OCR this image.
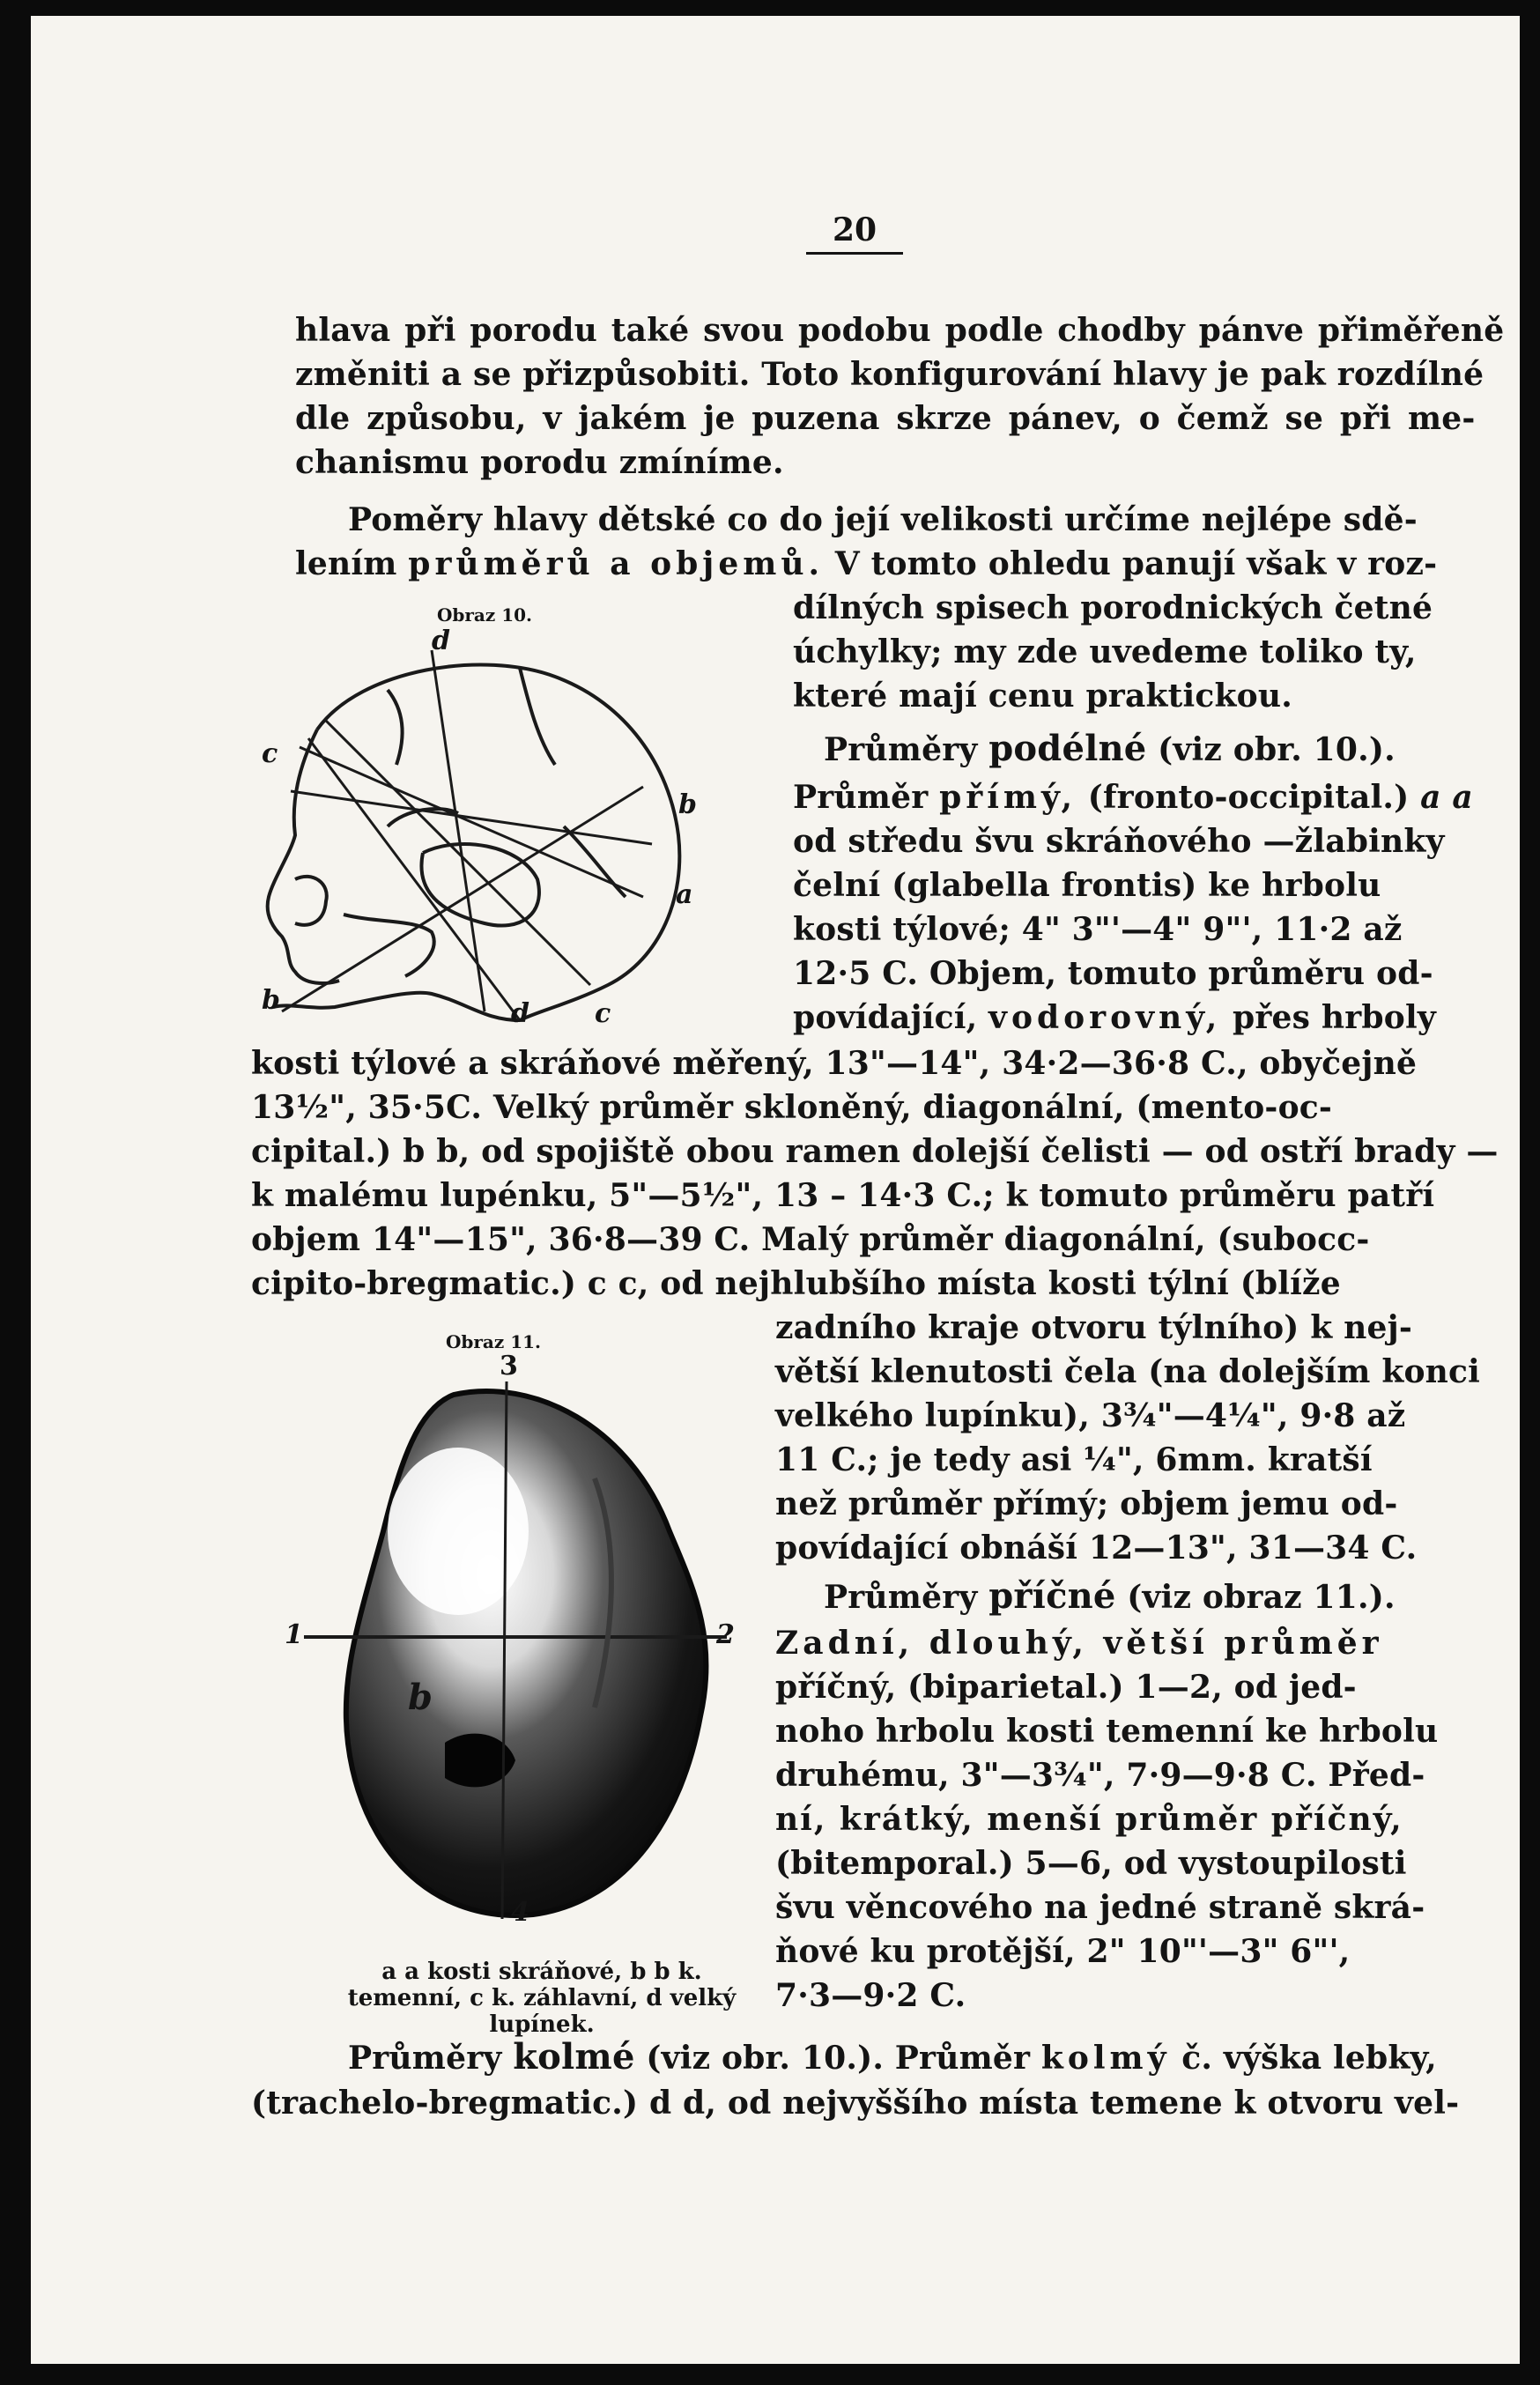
20
hlava při porodu také svou podobu podle chodby pánve přiměřeně
změniti a se přizpůsobiti. Toto konfigurování hlavy je pak rozdílné
dle způsobu, v jakém je puzena skrze pánev, o čemž se při me-
chanismu porodu zmíníme.
Poměry hlavy dětské co do její velikosti určíme nejlépe sdě-
lením průměrů a objemů. V tomto ohledu panují však v roz-
dílných spisech porodnických četné
úchylky; my zde uvedeme toliko ty,
které mají cenu praktickou.
Průměry podélné (viz obr. 10.).
Průměr přímý, (fronto-occipital.) a a
od středu švu skráňového —žlabinky
čelní (glabella frontis) ke hrbolu
kosti týlové; 4" 3"'—4" 9"', 11·2 až
12·5 C. Objem, tomuto průměru od-
povídající, vodorovný, přes hrboly
kosti týlové a skráňové měřený, 13"—14", 34·2—36·8 C., obyčejně
13½", 35·5C. Velký průměr skloněný, diagonální, (mento-oc-
cipital.) b b, od spojiště obou ramen dolejší čelisti — od ostří brady —
k malému lupénku, 5"—5½", 13 – 14·3 C.; k tomuto průměru patří
objem 14"—15", 36·8—39 C. Malý průměr diagonální, (subocc-
cipito-bregmatic.) c c, od nejhlubšího místa kosti týlní (blíže
zadního kraje otvoru týlního) k nej-
větší klenutosti čela (na dolejším konci
velkého lupínku), 3¾"—4¼", 9·8 až
11 C.; je tedy asi ¼", 6mm. kratší
než průměr přímý; objem jemu od-
povídající obnáší 12—13", 31—34 C.
Průměry příčné (viz obraz 11.).
Zadní, dlouhý, větší průměr
příčný, (biparietal.) 1—2, od jed-
noho hrbolu kosti temenní ke hrbolu
druhému, 3"—3¾", 7·9—9·8 C. Před-
ní, krátký, menší průměr příčný,
(bitemporal.) 5—6, od vystoupilosti
švu věncového na jedné straně skrá-
ňové ku protější, 2" 10"'—3" 6"',
7·3—9·2 C.
Průměry kolmé (viz obr. 10.). Průměr kolmý č. výška lebky,
(trachelo-bregmatic.) d d, od nejvyššího místa temene k otvoru vel-
Obraz 10.
d
c
b
a
b	d c
Obraz 11.
3
1	2
b
4
a a kosti skráňové, b b k. temenní, c k. záhlavní, d velký lupínek.
